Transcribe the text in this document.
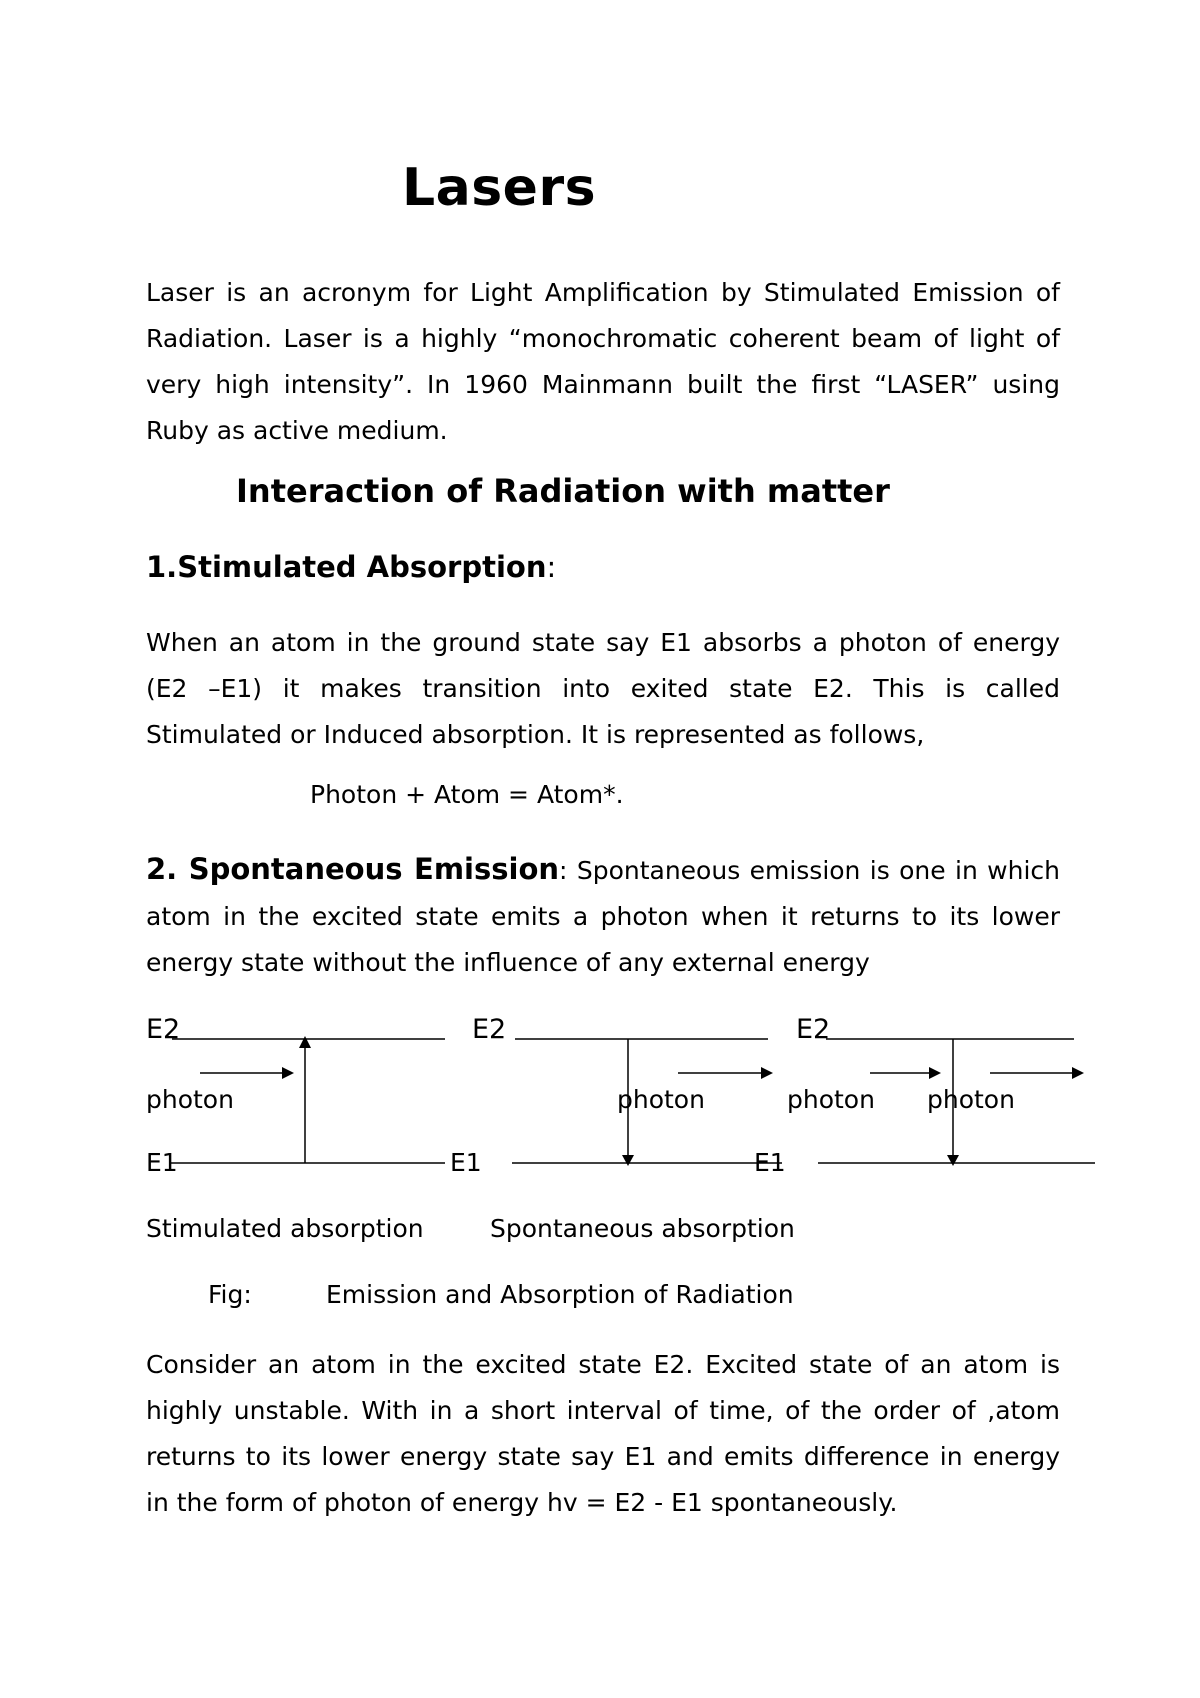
Lasers

Laser is an acronym for Light Amplification by Stimulated Emission of Radiation. Laser is a highly “monochromatic coherent beam of light of very high intensity”. In 1960 Mainmann built the first “LASER” using Ruby as active medium.

Interaction of Radiation with matter
1.Stimulated Absorption:

When an atom in the ground state say E1 absorbs a photon of energy (E2 –E1) it makes transition into exited state E2. This is called Stimulated or Induced absorption. It is represented as follows,

Photon + Atom = Atom*.

2. Spontaneous Emission: Spontaneous emission is one in which atom in the excited state emits a photon when it returns to its lower energy state without the influence of any external energy

E2	E2	E2

photon	photon	photon photon

E1	E1	E1

Stimulated absorption	Spontaneous absorption

Fig:	Emission and Absorption of Radiation

Consider an atom in the excited state E2. Excited state of an atom is highly unstable. With in a short interval of time, of the order of ,atom returns to its lower energy state say E1 and emits difference in energy in the form of photon of energy hv = E2 - E1 spontaneously.
